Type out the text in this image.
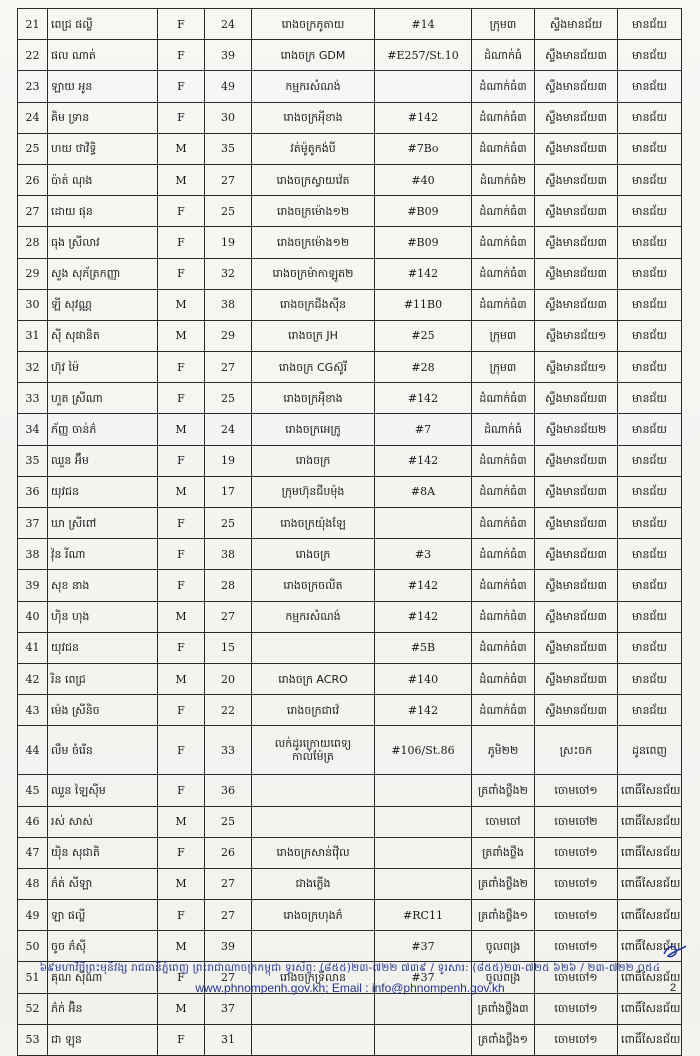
21	ពេជ្រ ផល្លី	F	24	រោងចក្រភូតាយ	#14	ក្រុម៣	ស្ទឹងមានជ័យ	មានជ័យ
22	ផល ណាត់	F	39	រោងចក្រ GDM	#E257/St.10	ដំណាក់ធំ	ស្ទឹងមានជ័យ៣	មានជ័យ
23	ឡាយ អូន	F	49	កម្មករសំណង់		ដំណាក់ធំ៣	ស្ទឹងមានជ័យ៣	មានជ័យ
24	គិម ទ្រាន	F	30	រោងចក្រអុីខាង	#142	ដំណាក់ធំ៣	ស្ទឹងមានជ័យ៣	មានជ័យ
25	ហយ ថាវិទ្ធិ	M	35	វត់ម៉ូតូកង់បី	#7Bo	ដំណាក់ធំ៣	ស្ទឹងមានជ័យ៣	មានជ័យ
26	ប៉ាត់ ណុង	M	27	រោងចក្រស្វាយវ៉េត	#40	ដំណាក់ធំ២	ស្ទឹងមានជ័យ៣	មានជ័យ
27	ដោយ ផុន	F	25	រោងចក្រម៉ោង១២	#B09	ដំណាក់ធំ៣	ស្ទឹងមានជ័យ៣	មានជ័យ
28	ធុង ស្រីលាវ	F	19	រោងចក្រម៉ោង១២	#B09	ដំណាក់ធំ៣	ស្ទឹងមានជ័យ៣	មានជ័យ
29	សួង សុភ័ត្រកញ្ញា	F	32	រោងចក្រម៉ាកាឡូត២	#142	ដំណាក់ធំ៣	ស្ទឹងមានជ័យ៣	មានជ័យ
30	ឡី សុវណ្ណ	M	38	រោងចក្រជីងស៊ីន	#11B0	ដំណាក់ធំ៣	ស្ទឹងមានជ័យ៣	មានជ័យ
31	ស៊ី សុផានិត	M	29	រោងចក្រ JH	#25	ក្រុម៣	ស្ទឹងមានជ័យ១	មានជ័យ
32	ហ៊ុវ ម៉ៃ	F	27	រោងចក្រ CGស៊ូរី	#28	ក្រុម៣	ស្ទឹងមានជ័យ១	មានជ័យ
33	ហួត ស្រីណា	F	25	រោងចក្រអុីខាង	#142	ដំណាក់ធំ៣	ស្ទឹងមានជ័យ៣	មានជ័យ
34	ភ័ញ្ញ ចាន់ភ៌	M	24	រោងចក្រអេក្រូ	#7	ដំណាក់ធំ	ស្ទឹងមានជ័យ២	មានជ័យ
35	ឈួន អ៊ឹម	F	19	រោងចក្រ	#142	ដំណាក់ធំ៣	ស្ទឹងមានជ័យ៣	មានជ័យ
36	យុវជន	M	17	ក្រុមហ៊ុនជីបម៉ុង	#8A	ដំណាក់ធំ៣	ស្ទឹងមានជ័យ៣	មានជ័យ
37	ឃា ស្រីពៅ	F	25	រោងចក្រយ៉ុងឡែ		ដំណាក់ធំ៣	ស្ទឹងមានជ័យ៣	មានជ័យ
38	វ៉ុន រីណា	F	38	រោងចក្រ	#3	ដំណាក់ធំ៣	ស្ទឹងមានជ័យ៣	មានជ័យ
39	សុខ នាង	F	28	រោងចក្រចលីត	#142	ដំណាក់ធំ៣	ស្ទឹងមានជ័យ៣	មានជ័យ
40	ហ៊ិន ហុង	M	27	កម្មករសំណង់	#142	ដំណាក់ធំ៣	ស្ទឹងមានជ័យ៣	មានជ័យ
41	យុវជន	F	15		#5B	ដំណាក់ធំ៣	ស្ទឹងមានជ័យ៣	មានជ័យ
42	រិន ពេជ្រ	M	20	រោងចក្រ ACRO	#140	ដំណាក់ធំ៣	ស្ទឹងមានជ័យ៣	មានជ័យ
43	ម៉េង ស្រីនិច	F	22	រោងចក្រជាវ៉េ	#142	ដំណាក់ធំ៣	ស្ទឹងមានជ័យ៣	មានជ័យ
44	លឹម ចំរើន	F	33	លក់ដូរក្រោយពេទ្យកាល់ម៉ែត្រ	#106/St.86	ភូមិ២២	ស្រះចក	ដូនពេញ
45	ឈួន ឡៃស៊ីម	F	36			ត្រពាំងថ្លឹង២	ចោមចៅ១	ពោធិ៍សែនជ័យ
46	រស់ សាស់	M	25			ចោមចៅ	ចោមចៅ២	ពោធិ៍សែនជ័យ
47	យ៉ិន សុជាតិ	F	26	រោងចក្រសាន់វ៉ើល		ត្រពាំងថ្លឹង	ចោមចៅ១	ពោធិ៍សែនជ័យ
48	ភ៌ត់ សីឡា	M	27	ជាងភ្លើង		ត្រពាំងថ្លឹង២	ចោមចៅ១	ពោធិ៍សែនជ័យ
49	ឡា ផល្លី	F	27	រោងចក្រហុងភ៌	#RC11	ត្រពាំងថ្លឹង១	ចោមចៅ១	ពោធិ៍សែនជ័យ
50	ចូច ភ៌ស៊ី	M	39		#37	ចូលពង្រ	ចោមចៅ១	ពោធិ៍សែនជ័យ
51	គុណ ស៊ីណា	F	27	រោងចក្រទ្រីលាន	#37	ចូលពង្រ	ចោមចៅ១	ពោធិ៍សែនជ័យ
52	ភ៌ក់ អ៊ិន	M	37			ត្រពាំងថ្លឹង៣	ចោមចៅ១	ពោធិ៍សែនជ័យ
53	ជា ឡុន	F	31			ត្រពាំងថ្លឹង១	ចោមចៅ១	ពោធិ៍សែនជ័យ
៦៩មហាវិថីព្រះមុនីវង្ស រាជធានីភ្នំពេញ ព្រះរាជាណាចក្រកម្ពុជា ទូរស័ព្ទ: (៨៥៥)២៣-៧២២ ៧៣៩ / ទូរសារ: (៨៥៥)២៣-៧២៥ ៦២៦ / ២៣-៧២២ ០៥៤
www.phnompenh.gov.kh; Email : info@phnompenh.gov.kh	2
